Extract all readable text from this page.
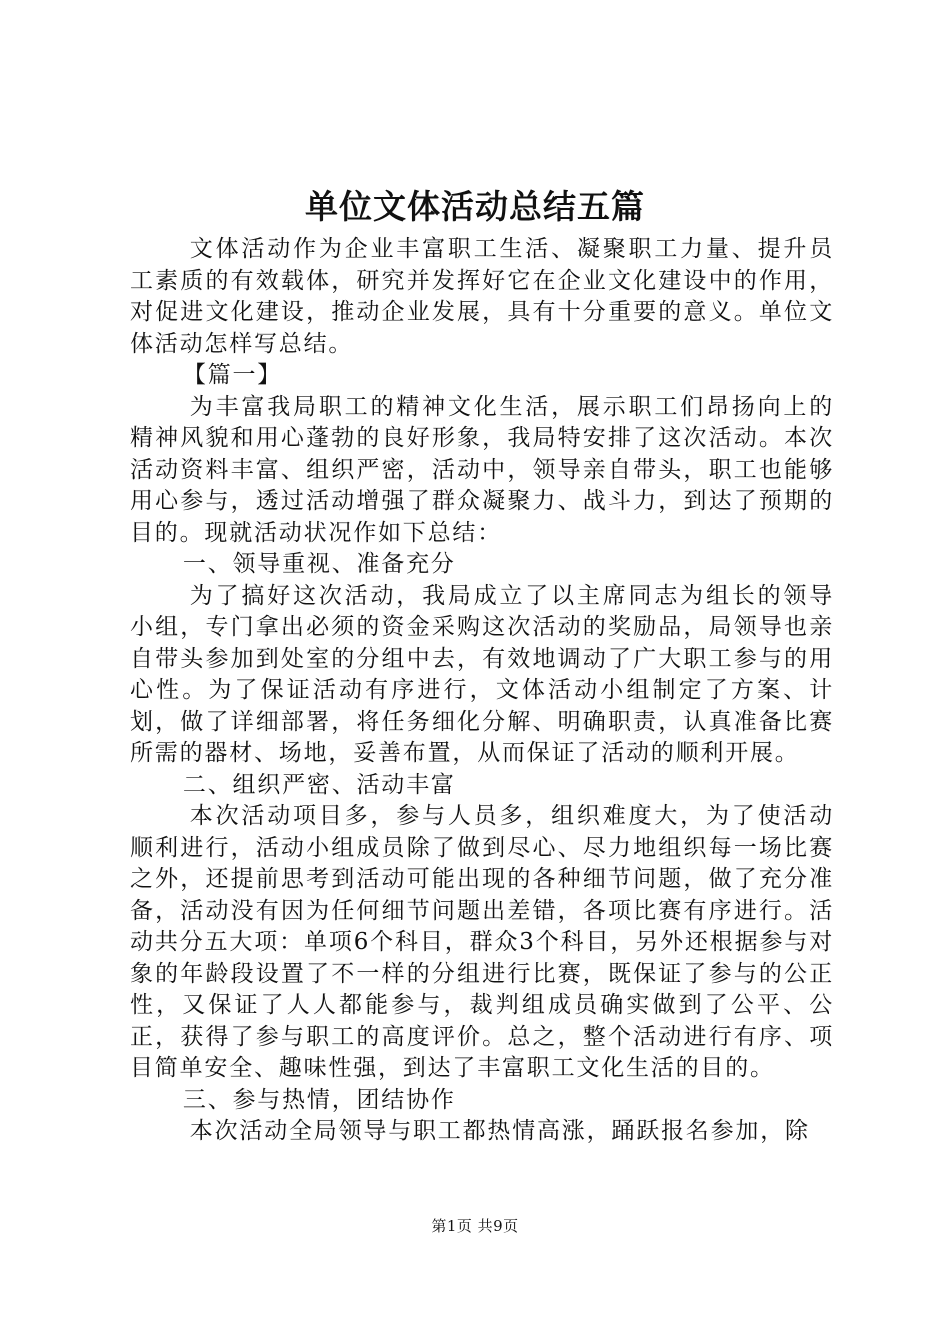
单位文体活动总结五篇

文体活动作为企业丰富职工生活、凝聚职工力量、提升员工素质的有效载体，研究并发挥好它在企业文化建设中的作用，对促进文化建设，推动企业发展，具有十分重要的意义。单位文体活动怎样写总结。

【篇一】

为丰富我局职工的精神文化生活，展示职工们昂扬向上的精神风貌和用心蓬勃的良好形象，我局特安排了这次活动。本次活动资料丰富、组织严密，活动中，领导亲自带头，职工也能够用心参与，透过活动增强了群众凝聚力、战斗力，到达了预期的目的。现就活动状况作如下总结：

一、领导重视、准备充分

为了搞好这次活动，我局成立了以主席同志为组长的领导小组，专门拿出必须的资金采购这次活动的奖励品，局领导也亲自带头参加到处室的分组中去，有效地调动了广大职工参与的用心性。为了保证活动有序进行，文体活动小组制定了方案、计划，做了详细部署，将任务细化分解、明确职责，认真准备比赛所需的器材、场地，妥善布置，从而保证了活动的顺利开展。

二、组织严密、活动丰富

本次活动项目多，参与人员多，组织难度大，为了使活动顺利进行，活动小组成员除了做到尽心、尽力地组织每一场比赛之外，还提前思考到活动可能出现的各种细节问题，做了充分准备，活动没有因为任何细节问题出差错，各项比赛有序进行。活动共分五大项：单项6个科目，群众3个科目，另外还根据参与对象的年龄段设置了不一样的分组进行比赛，既保证了参与的公正性，又保证了人人都能参与，裁判组成员确实做到了公平、公正，获得了参与职工的高度评价。总之，整个活动进行有序、项目简单安全、趣味性强，到达了丰富职工文化生活的目的。

三、参与热情，团结协作

本次活动全局领导与职工都热情高涨，踊跃报名参加，除

第1页 共9页
